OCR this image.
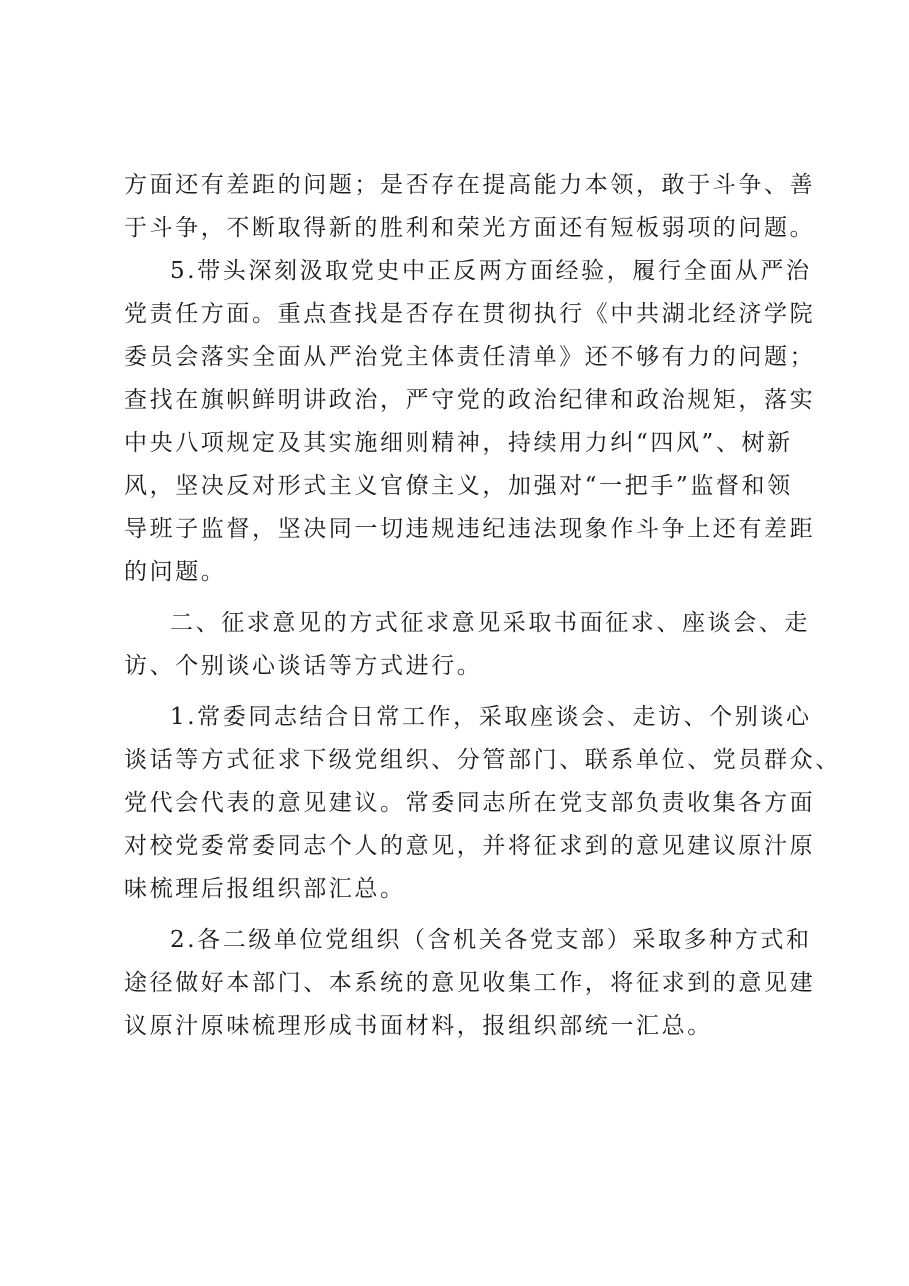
方面还有差距的问题；是否存在提高能力本领，敢于斗争、善
于斗争，不断取得新的胜利和荣光方面还有短板弱项的问题。
5.带头深刻汲取党史中正反两方面经验，履行全面从严治
党责任方面。重点查找是否存在贯彻执行《中共湖北经济学院
委员会落实全面从严治党主体责任清单》还不够有力的问题；
查找在旗帜鲜明讲政治，严守党的政治纪律和政治规矩，落实
中央八项规定及其实施细则精神，持续用力纠“四风”、树新
风，坚决反对形式主义官僚主义，加强对“一把手”监督和领
导班子监督，坚决同一切违规违纪违法现象作斗争上还有差距
的问题。
二、征求意见的方式征求意见采取书面征求、座谈会、走
访、个别谈心谈话等方式进行。
1.常委同志结合日常工作，采取座谈会、走访、个别谈心
谈话等方式征求下级党组织、分管部门、联系单位、党员群众、
党代会代表的意见建议。常委同志所在党支部负责收集各方面
对校党委常委同志个人的意见，并将征求到的意见建议原汁原
味梳理后报组织部汇总。
2.各二级单位党组织（含机关各党支部）采取多种方式和
途径做好本部门、本系统的意见收集工作，将征求到的意见建
议原汁原味梳理形成书面材料，报组织部统一汇总。
